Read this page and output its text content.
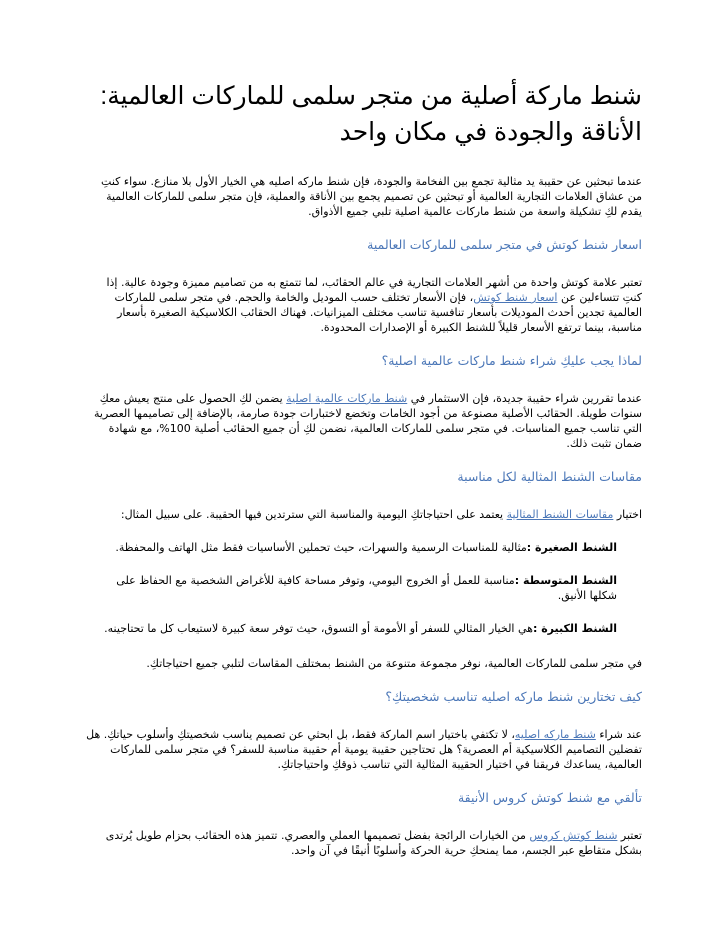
شنط ماركة أصلية من متجر سلمى للماركات العالمية:
الأناقة والجودة في مكان واحد

عندما تبحثين عن حقيبة يد مثالية تجمع بين الفخامة والجودة، فإن شنط ماركه اصليه هي الخيار الأول بلا منازع. سواء كنتِ من عشاق العلامات التجارية العالمية أو تبحثين عن تصميم يجمع بين الأناقة والعملية، فإن متجر سلمى للماركات العالمية يقدم لكِ تشكيلة واسعة من شنط ماركات عالمية اصلية تلبي جميع الأذواق.

اسعار شنط كوتش في متجر سلمى للماركات العالمية

تعتبر علامة كوتش واحدة من أشهر العلامات التجارية في عالم الحقائب، لما تتمتع به من تصاميم مميزة وجودة عالية. إذا كنتِ تتساءلين عن اسعار شنط كوتش، فإن الأسعار تختلف حسب الموديل والخامة والحجم. في متجر سلمى للماركات العالمية تجدين أحدث الموديلات بأسعار تنافسية تناسب مختلف الميزانيات. فهناك الحقائب الكلاسيكية الصغيرة بأسعار مناسبة، بينما ترتفع الأسعار قليلاً للشنط الكبيرة أو الإصدارات المحدودة.

لماذا يجب عليكِ شراء شنط ماركات عالمية اصلية؟

عندما تقررين شراء حقيبة جديدة، فإن الاستثمار في شنط ماركات عالمية اصلية يضمن لكِ الحصول على منتج يعيش معكِ سنوات طويلة. الحقائب الأصلية مصنوعة من أجود الخامات وتخضع لاختبارات جودة صارمة، بالإضافة إلى تصاميمها العصرية التي تناسب جميع المناسبات. في متجر سلمى للماركات العالمية، نضمن لكِ أن جميع الحقائب أصلية 100%، مع شهادة ضمان تثبت ذلك.

مقاسات الشنط المثالية لكل مناسبة

اختيار مقاسات الشنط المثالية يعتمد على احتياجاتكِ اليومية والمناسبة التي سترتدين فيها الحقيبة. على سبيل المثال:

الشنط الصغيرة :مثالية للمناسبات الرسمية والسهرات، حيث تحملين الأساسيات فقط مثل الهاتف والمحفظة.

الشنط المتوسطة :مناسبة للعمل أو الخروج اليومي، وتوفر مساحة كافية للأغراض الشخصية مع الحفاظ على شكلها الأنيق.

الشنط الكبيرة :هي الخيار المثالي للسفر أو الأمومة أو التسوق، حيث توفر سعة كبيرة لاستيعاب كل ما تحتاجينه.

في متجر سلمى للماركات العالمية، نوفر مجموعة متنوعة من الشنط بمختلف المقاسات لتلبي جميع احتياجاتكِ.

كيف تختارين شنط ماركه اصليه تناسب شخصيتكِ؟

عند شراء شنط ماركه اصليه، لا تكتفي باختيار اسم الماركة فقط، بل ابحثي عن تصميم يناسب شخصيتكِ وأسلوب حياتكِ. هل تفضلين التصاميم الكلاسيكية أم العصرية؟ هل تحتاجين حقيبة يومية أم حقيبة مناسبة للسفر؟ في متجر سلمى للماركات العالمية، يساعدك فريقنا في اختيار الحقيبة المثالية التي تناسب ذوقكِ واحتياجاتكِ.

تألقي مع شنط كوتش كروس الأنيقة

تعتبر شنط كوتش كروس من الخيارات الرائجة بفضل تصميمها العملي والعصري. تتميز هذه الحقائب بحزام طويل يُرتدى بشكل متقاطع عبر الجسم، مما يمنحكِ حرية الحركة وأسلوبًا أنيقًا في آن واحد.
